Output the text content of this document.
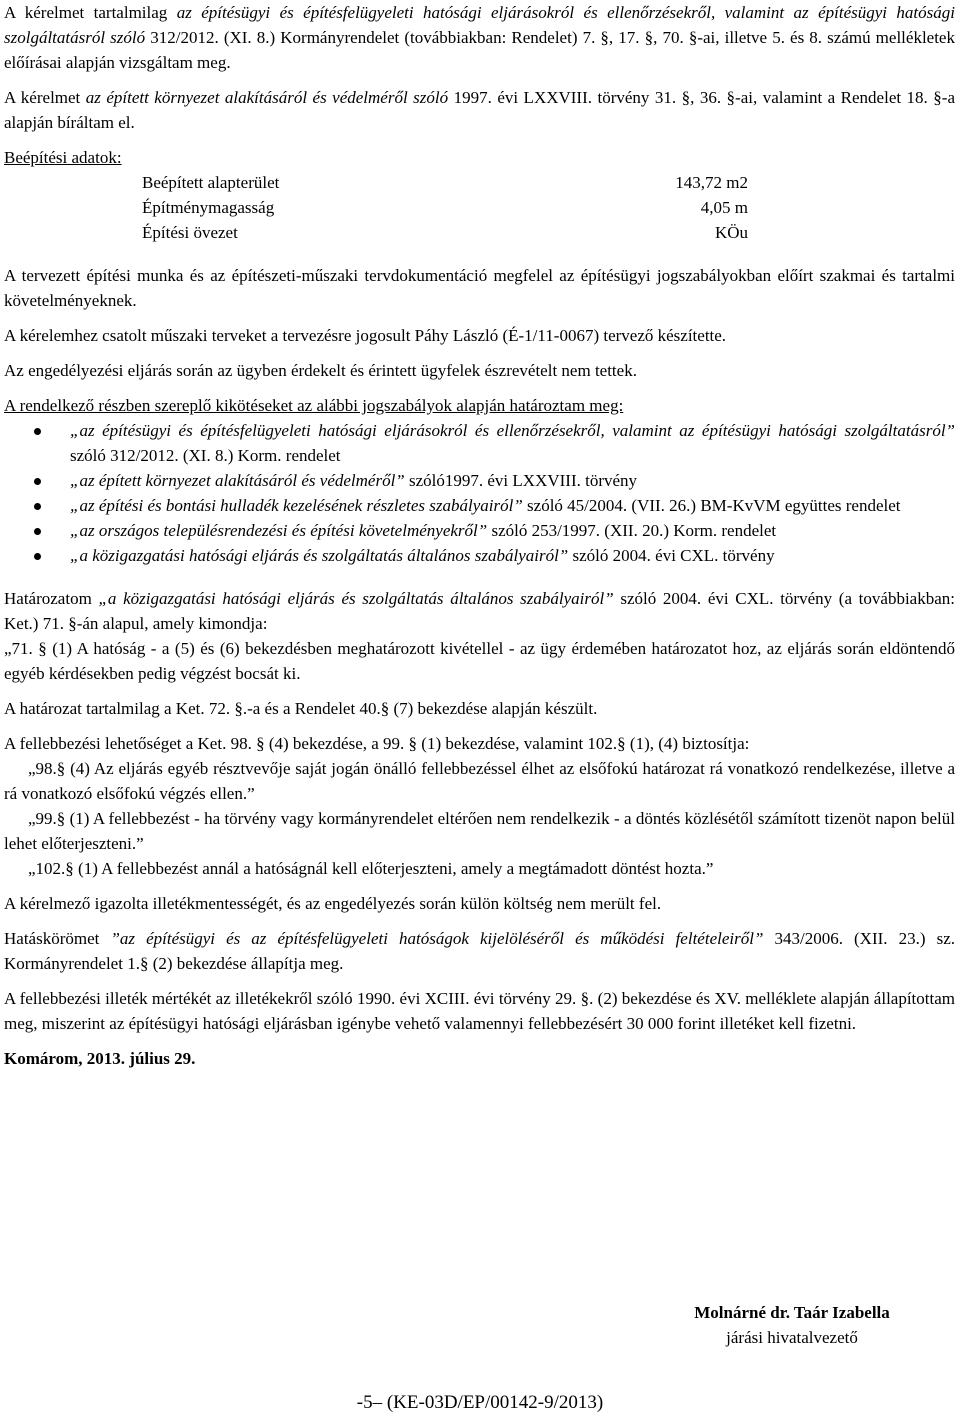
A kérelmet tartalmilag az építésügyi és építésfelügyeleti hatósági eljárásokról és ellenőrzésekről, valamint az építésügyi hatósági szolgáltatásról szóló 312/2012. (XI. 8.) Kormányrendelet (továbbiakban: Rendelet) 7. §, 17. §, 70. §-ai, illetve 5. és 8. számú mellékletek előírásai alapján vizsgáltam meg.

A kérelmet az épített környezet alakításáról és védelméről szóló 1997. évi LXXVIII. törvény 31. §, 36. §-ai, valamint a Rendelet 18. §-a alapján bíráltam el.

Beépítési adatok:

Beépített alapterület	143,72 m2
Építménymagasság	4,05 m
Építési övezet	KÖu

A tervezett építési munka és az építészeti-műszaki tervdokumentáció megfelel az építésügyi jogszabályokban előírt szakmai és tartalmi követelményeknek.

A kérelemhez csatolt műszaki terveket a tervezésre jogosult Páhy László (É-1/11-0067) tervező készítette.

Az engedélyezési eljárás során az ügyben érdekelt és érintett ügyfelek észrevételt nem tettek.

A rendelkező részben szereplő kikötéseket az alábbi jogszabályok alapján határoztam meg:

„az építésügyi és építésfelügyeleti hatósági eljárásokról és ellenőrzésekről, valamint az építésügyi hatósági szolgáltatásról” szóló 312/2012. (XI. 8.) Korm. rendelet
„az épített környezet alakításáról és védelméről” szóló1997. évi LXXVIII. törvény
„az építési és bontási hulladék kezelésének részletes szabályairól” szóló 45/2004. (VII. 26.) BM-KvVM együttes rendelet
„az országos településrendezési és építési követelményekről” szóló 253/1997. (XII. 20.) Korm. rendelet
„a közigazgatási hatósági eljárás és szolgáltatás általános szabályairól” szóló 2004. évi CXL. törvény

Határozatom „a közigazgatási hatósági eljárás és szolgáltatás általános szabályairól” szóló 2004. évi CXL. törvény (a továbbiakban: Ket.) 71. §-án alapul, amely kimondja:

„71. § (1) A hatóság - a (5) és (6) bekezdésben meghatározott kivétellel - az ügy érdemében határozatot hoz, az eljárás során eldöntendő egyéb kérdésekben pedig végzést bocsát ki.

A határozat tartalmilag a Ket. 72. §.-a és a Rendelet 40.§ (7) bekezdése alapján készült.

A fellebbezési lehetőséget a Ket. 98. § (4) bekezdése, a 99. § (1) bekezdése, valamint 102.§ (1), (4) biztosítja:

„98.§ (4) Az eljárás egyéb résztvevője saját jogán önálló fellebbezéssel élhet az elsőfokú határozat rá vonatkozó rendelkezése, illetve a rá vonatkozó elsőfokú végzés ellen.”

„99.§ (1) A fellebbezést - ha törvény vagy kormányrendelet eltérően nem rendelkezik - a döntés közlésétől számított tizenöt napon belül lehet előterjeszteni.”

„102.§ (1) A fellebbezést annál a hatóságnál kell előterjeszteni, amely a megtámadott döntést hozta.”

A kérelmező igazolta illetékmentességét, és az engedélyezés során külön költség nem merült fel.

Hatáskörömet ”az építésügyi és az építésfelügyeleti hatóságok kijelöléséről és működési feltételeiről” 343/2006. (XII. 23.) sz. Kormányrendelet 1.§ (2) bekezdése állapítja meg.

A fellebbezési illeték mértékét az illetékekről szóló 1990. évi XCIII. évi törvény 29. §. (2) bekezdése és XV. melléklete alapján állapítottam meg, miszerint az építésügyi hatósági eljárásban igénybe vehető valamennyi fellebbezésért 30 000 forint illetéket kell fizetni.

Komárom, 2013. július 29.

Molnárné dr. Taár Izabella
járási hivatalvezető
-5– (KE-03D/EP/00142-9/2013)
